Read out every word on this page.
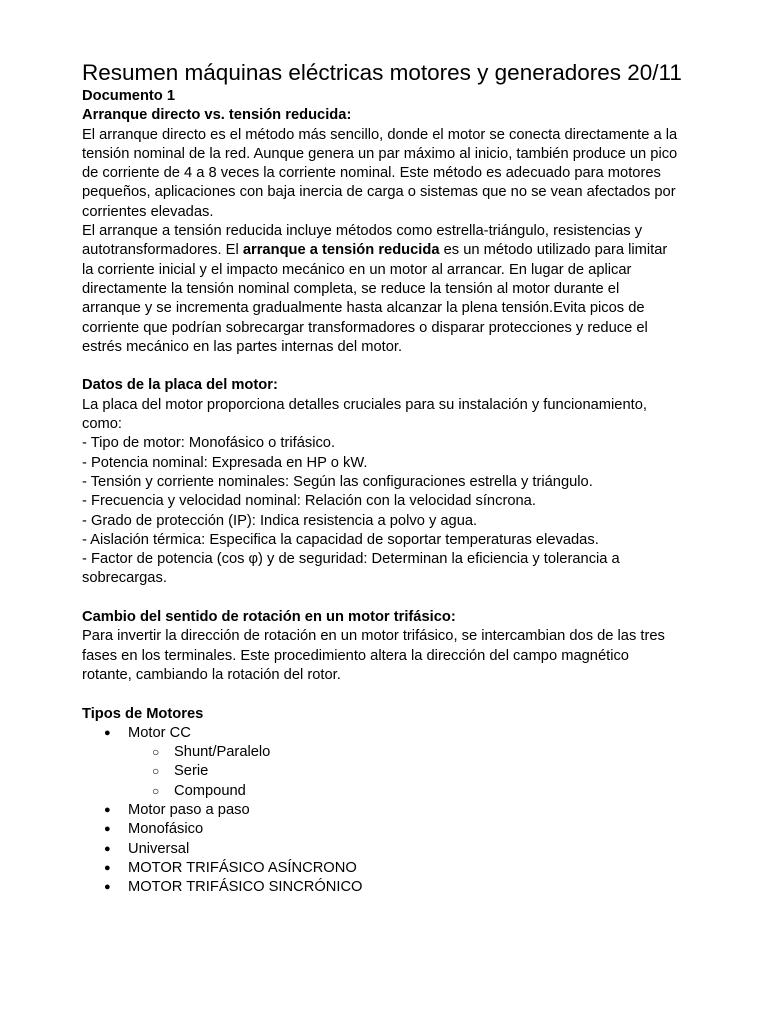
Resumen máquinas eléctricas motores y generadores 20/11
Documento 1
Arranque directo vs. tensión reducida:

El arranque directo es el método más sencillo, donde el motor se conecta directamente a la tensión nominal de la red. Aunque genera un par máximo al inicio, también produce un pico de corriente de 4 a 8 veces la corriente nominal. Este método es adecuado para motores pequeños, aplicaciones con baja inercia de carga o sistemas que no se vean afectados por corrientes elevadas.

El arranque a tensión reducida incluye métodos como estrella-triángulo, resistencias y autotransformadores. El arranque a tensión reducida es un método utilizado para limitar la corriente inicial y el impacto mecánico en un motor al arrancar. En lugar de aplicar directamente la tensión nominal completa, se reduce la tensión al motor durante el arranque y se incrementa gradualmente hasta alcanzar la plena tensión.Evita picos de corriente que podrían sobrecargar transformadores o disparar protecciones y reduce el estrés mecánico en las partes internas del motor.

Datos de la placa del motor:

La placa del motor proporciona detalles cruciales para su instalación y funcionamiento, como:

- Tipo de motor: Monofásico o trifásico.
- Potencia nominal: Expresada en HP o kW.
- Tensión y corriente nominales: Según las configuraciones estrella y triángulo.
- Frecuencia y velocidad nominal: Relación con la velocidad síncrona.
- Grado de protección (IP): Indica resistencia a polvo y agua.
- Aislación térmica: Especifica la capacidad de soportar temperaturas elevadas.
- Factor de potencia (cos φ) y de seguridad: Determinan la eficiencia y tolerancia a sobrecargas.
Cambio del sentido de rotación en un motor trifásico:

Para invertir la dirección de rotación en un motor trifásico, se intercambian dos de las tres fases en los terminales. Este procedimiento altera la dirección del campo magnético rotante, cambiando la rotación del rotor.

Tipos de Motores
● Motor CC
○ Shunt/Paralelo
○ Serie
○ Compound
● Motor paso a paso
● Monofásico
● Universal
● MOTOR TRIFÁSICO ASÍNCRONO
● MOTOR TRIFÁSICO SINCRÓNICO
